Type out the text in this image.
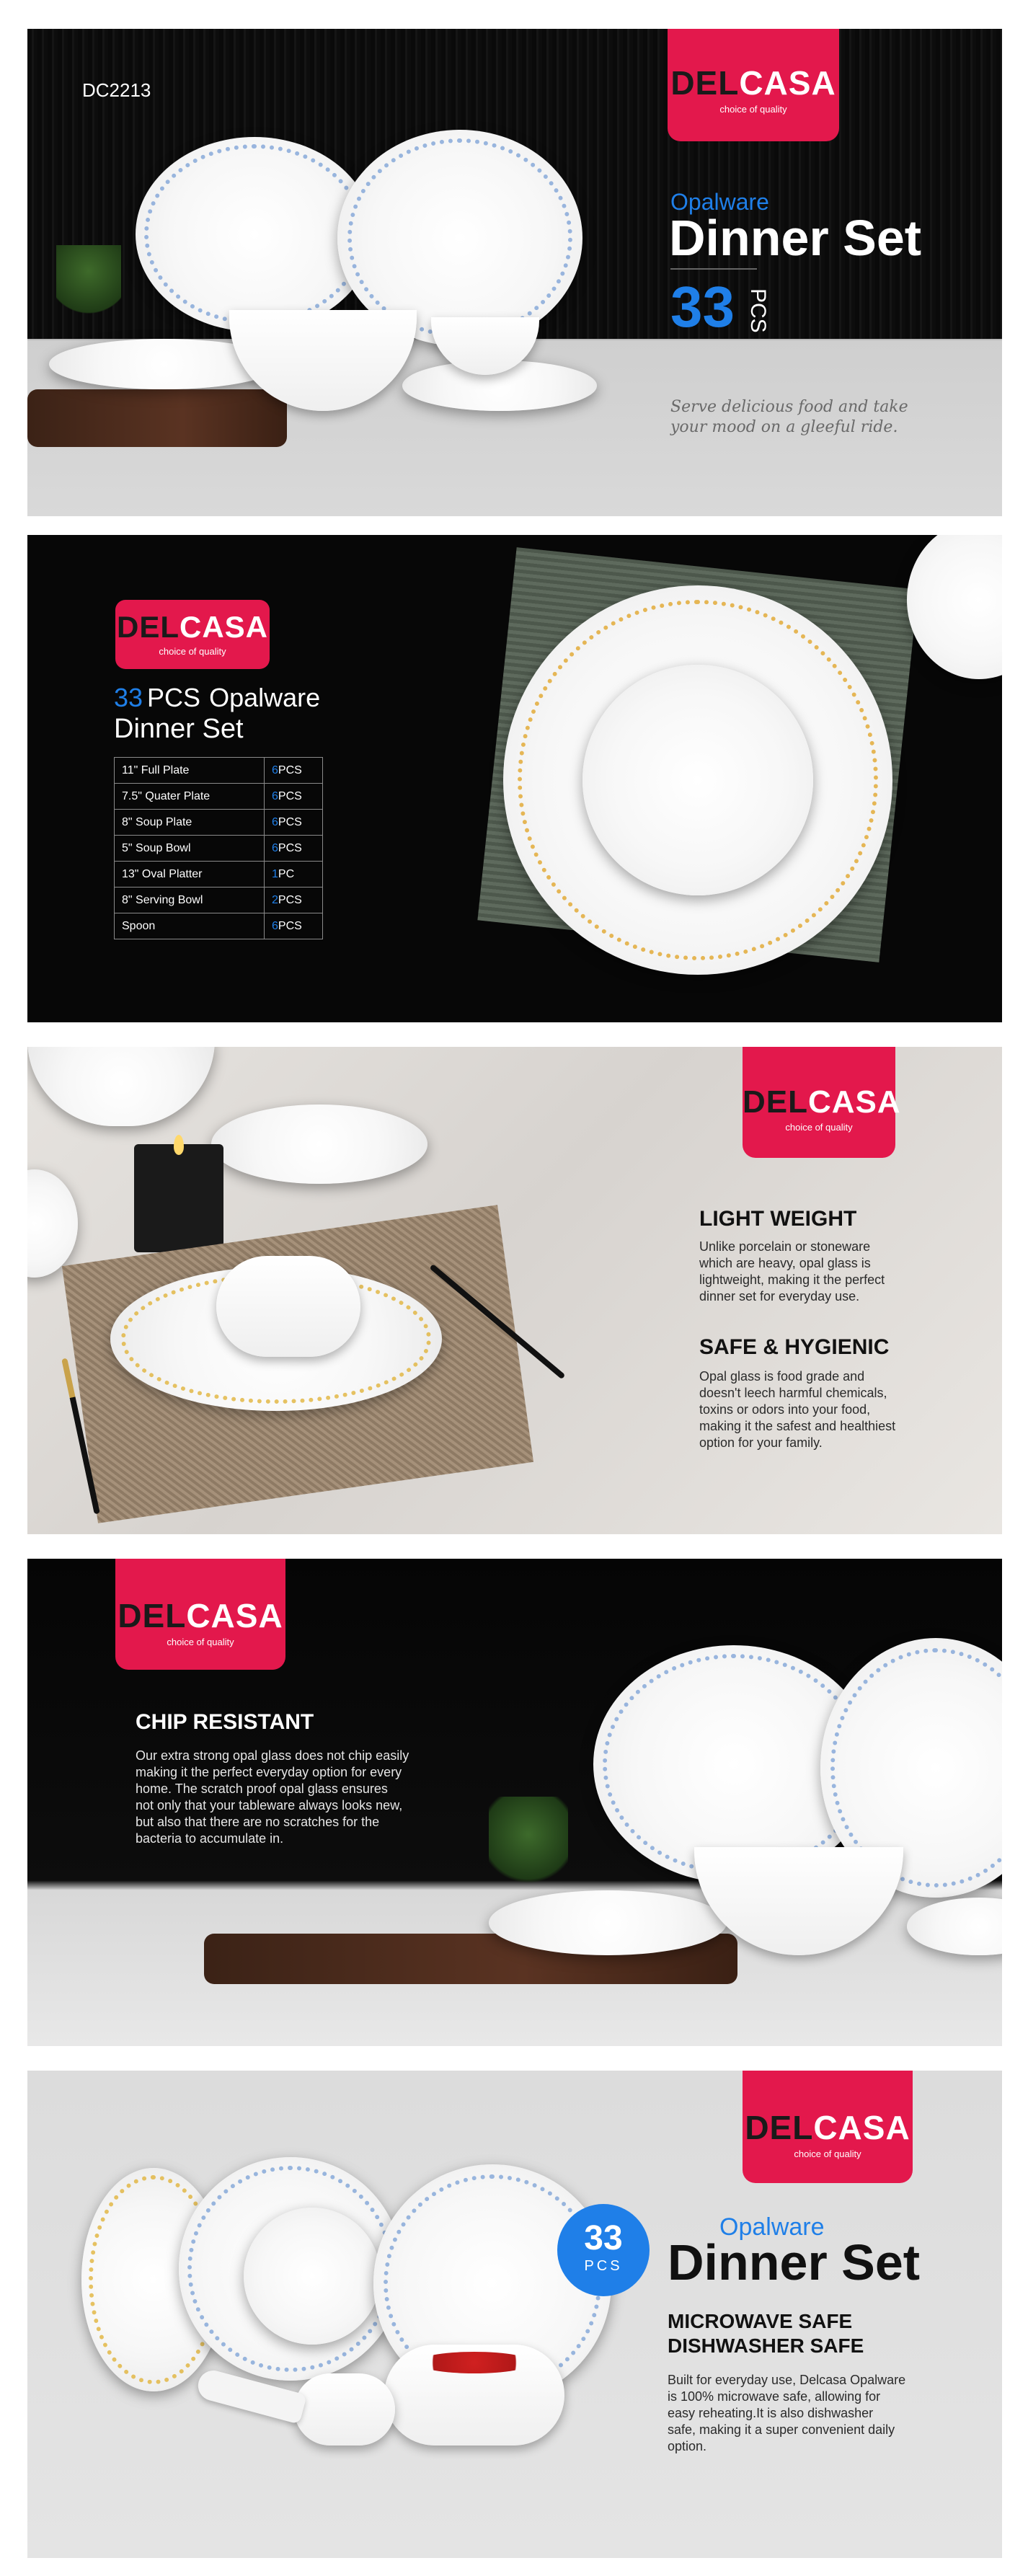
DC2213	DELCASA
choice of quality
Opalware
Dinner Set
33 PCS
Serve delicious food and take
your mood on a gleeful ride.
DELCASA
choice of quality
33 PCS Opalware
Dinner Set
11" Full Plate	6PCS
7.5" Quater Plate	6PCS
8" Soup Plate	6PCS
5" Soup Bowl	6PCS
13" Oval Platter	1PC
8" Serving Bowl	2PCS
Spoon	6PCS
DELCASA
choice of quality
LIGHT WEIGHT
Unlike porcelain or stoneware
which are heavy, opal glass is
lightweight, making it the perfect
dinner set for everyday use.
SAFE & HYGIENIC
Opal glass is food grade and
doesn't leech harmful chemicals,
toxins or odors into your food,
making it the safest and healthiest
option for your family.
DELCASA
choice of quality
CHIP RESISTANT
Our extra strong opal glass does not chip easily
making it the perfect everyday option for every
home. The scratch proof opal glass ensures
not only that your tableware always looks new,
but also that there are no scratches for the
bacteria to accumulate in.
DELCASA
choice of quality
33
PCS
Opalware
Dinner Set
MICROWAVE SAFE
DISHWASHER SAFE
Built for everyday use, Delcasa Opalware
is 100% microwave safe, allowing for
easy reheating.It is also dishwasher
safe, making it a super convenient daily
option.
